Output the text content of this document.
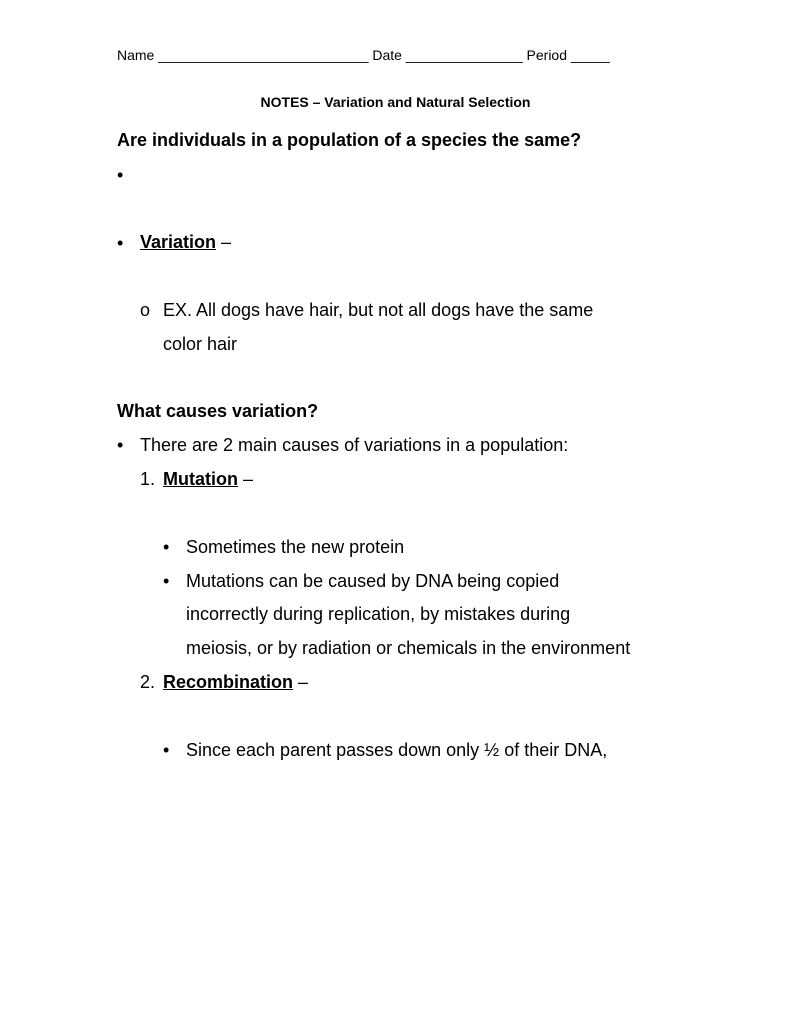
Name ___________________________ Date _______________ Period _____
NOTES – Variation and Natural Selection
Are individuals in a population of a species the same?
•
• Variation –
o EX. All dogs have hair, but not all dogs have the same
color hair
What causes variation?
• There are 2 main causes of variations in a population:
1. Mutation –
• Sometimes the new protein
• Mutations can be caused by DNA being copied
incorrectly during replication, by mistakes during
meiosis, or by radiation or chemicals in the environment
2. Recombination –
• Since each parent passes down only ½ of their DNA,
